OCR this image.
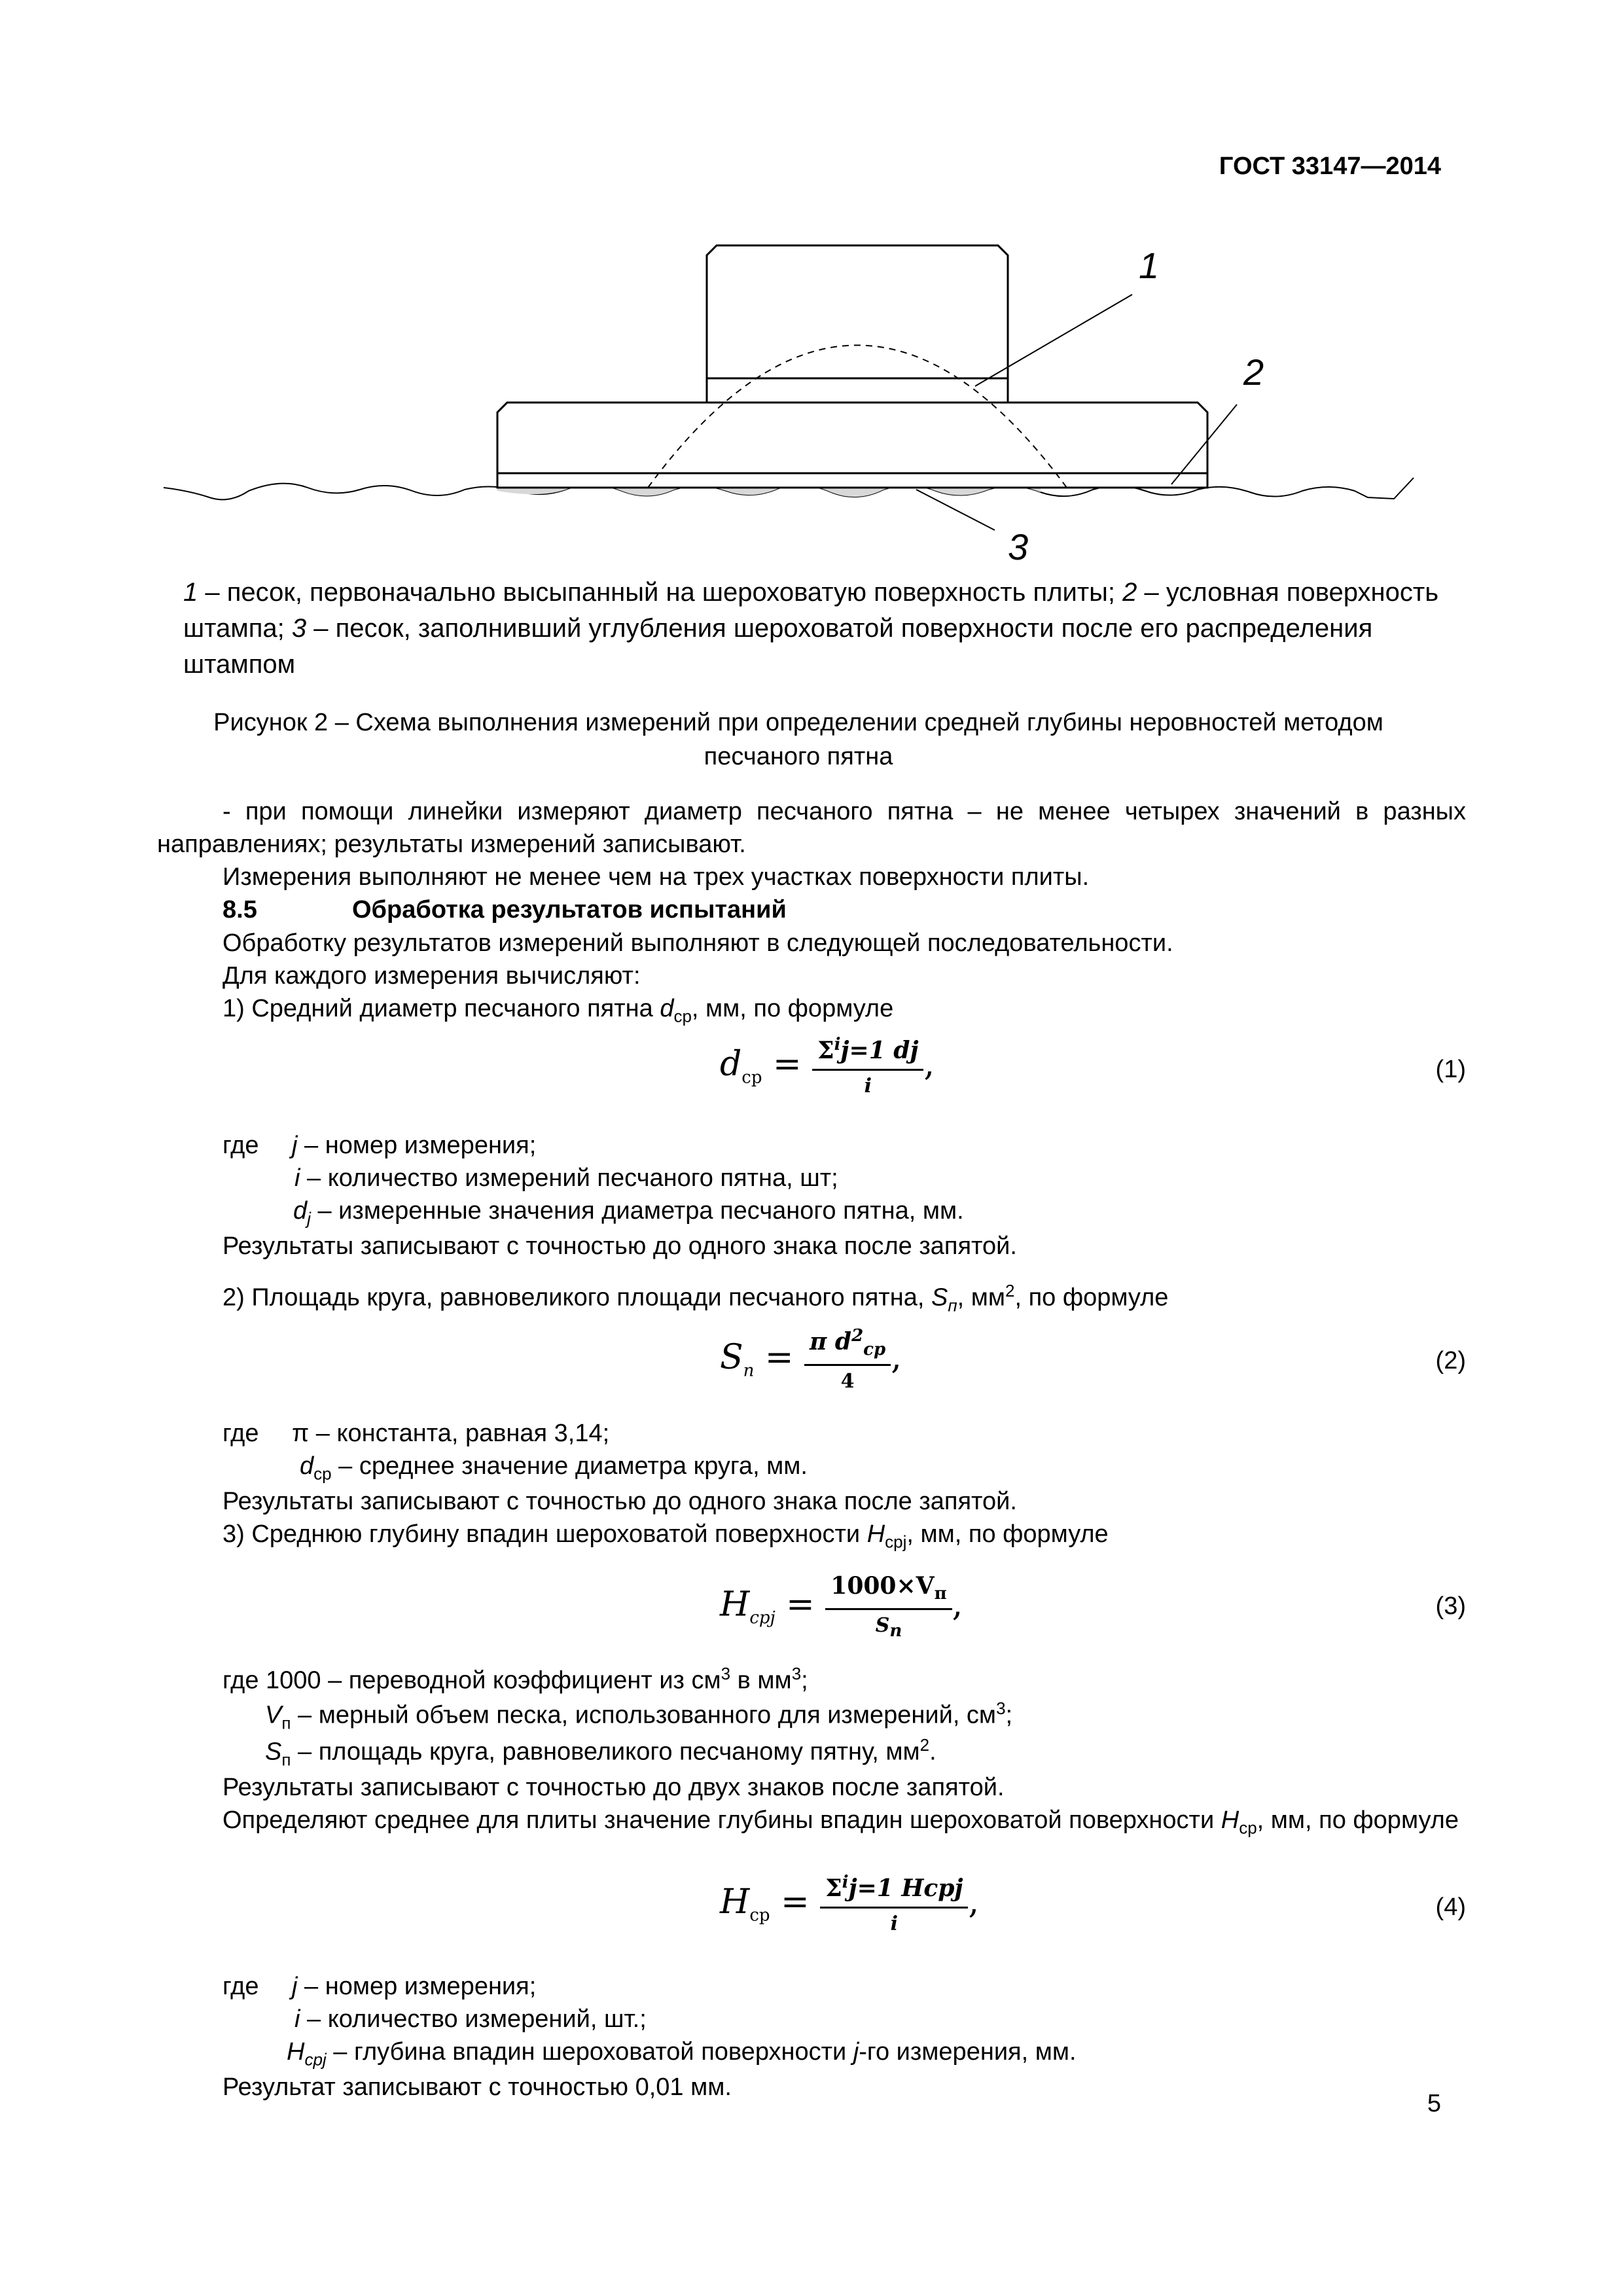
ГОСТ 33147—2014
1
2
3
1 – песок, первоначально высыпанный на шероховатую поверхность плиты; 2 – условная поверхность штампа; 3 – песок, заполнивший углубления шероховатой поверхности после его распределения штампом
Рисунок 2 – Схема выполнения измерений при определении средней глубины неровностей методом песчаного пятна

- при помощи линейки измеряют диаметр песчаного пятна – не менее четырех значений в разных направлениях; результаты измерений записывают.

Измерения выполняют не менее чем на трех участках поверхности плиты.

8.5	Обработка результатов испытаний

Обработку результатов измерений выполняют в следующей последовательности.

Для каждого измерения вычисляют:

1) Средний диаметр песчаного пятна $d_{ср}$, мм, по формуле

$d_{ср} = \frac{\Sigma^ij=1 dj}{i}$ ,	(1)

где j – номер измерения;

i – количество измерений песчаного пятна, шт;

$d_j$ – измеренные значения диаметра песчаного пятна, мм.

Результаты записывают с точностью до одного знака после запятой.

2) Площадь круга, равновеликого площади песчаного пятна, $S_п$, $мм^2$, по формуле

$S_n = \frac{\pi d^2_{cp}}{4}$ ,	(2)

где π – константа, равная 3,14;

$d_{ср}$ – среднее значение диаметра круга, мм.

Результаты записывают с точностью до одного знака после запятой.

3) Среднюю глубину впадин шероховатой поверхности $H_{срj}$, мм, по формуле

$H_{cpj} = \frac{1000\times V_п}{S_п}$ ,	(3)

где 1000 – переводной коэффициент из $см^3$ в $мм^3$;

$V_п$ – мерный объем песка, использованного для измерений, $см^3$;

$S_п$ – площадь круга, равновеликого песчаному пятну, $мм^2$.

Результаты записывают с точностью до двух знаков после запятой.

Определяют среднее для плиты значение глубины впадин шероховатой поверхности $H_{ср}$, мм, по формуле

$H_{cp} = \frac{\Sigma^ij=1 Hcpj}{i}$ ,	(4)

где j – номер измерения;

i – количество измерений, шт.;

$H_{срj}$ – глубина впадин шероховатой поверхности j-го измерения, мм.

Результат записывают с точностью 0,01 мм.

5
